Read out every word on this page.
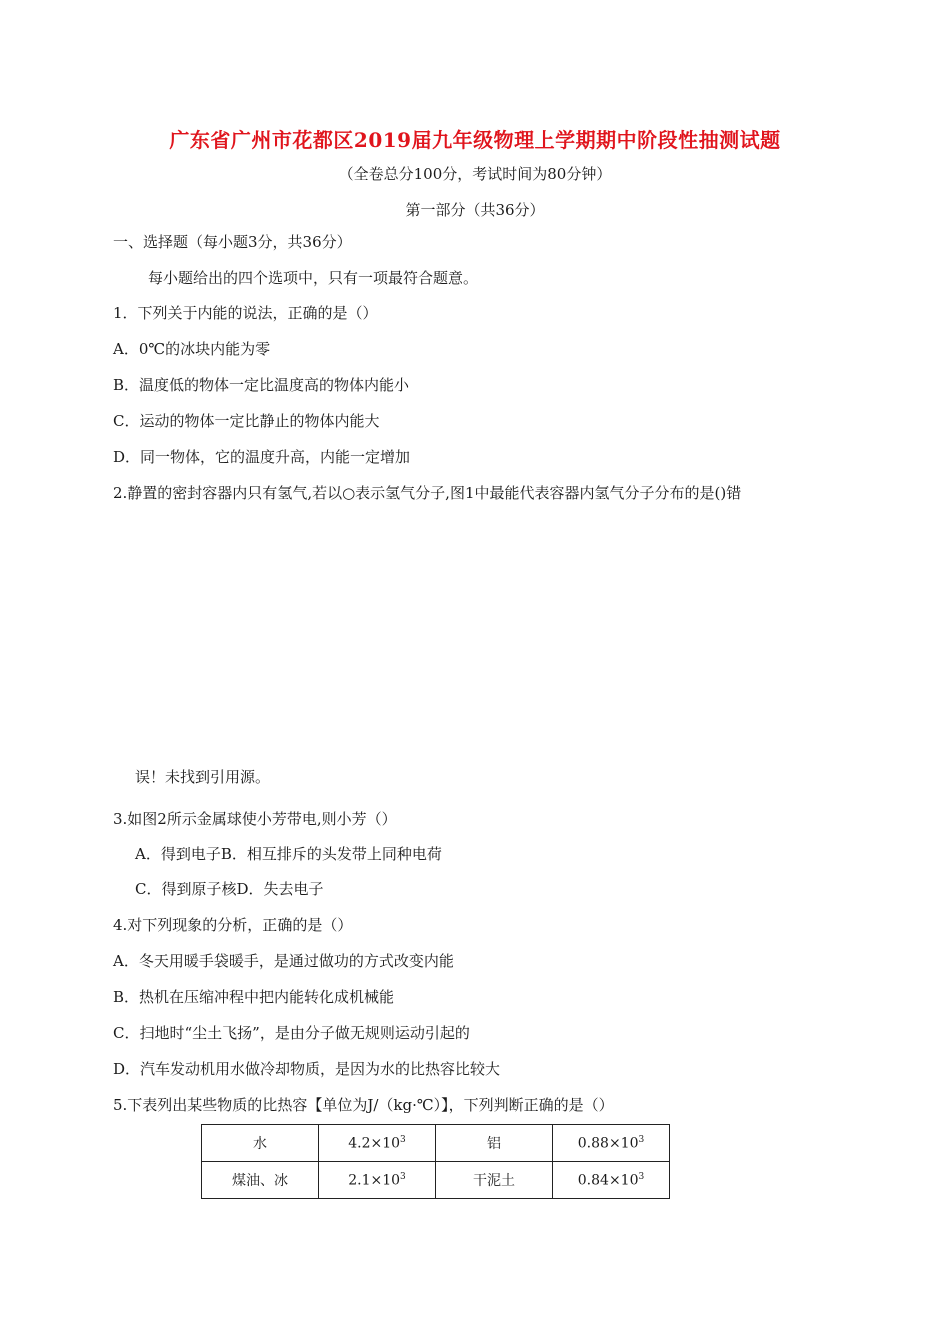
广东省广州市花都区2019届九年级物理上学期期中阶段性抽测试题
（全卷总分100分，考试时间为80分钟）
第一部分（共36分）
一、选择题（每小题3分，共36分）
每小题给出的四个选项中，只有一项最符合题意。
1．下列关于内能的说法，正确的是（）
A．0℃的冰块内能为零
B．温度低的物体一定比温度高的物体内能小
C．运动的物体一定比静止的物体内能大
D．同一物体，它的温度升高，内能一定增加
2.静置的密封容器内只有氢气,若以○表示氢气分子,图1中最能代表容器内氢气分子分布的是()错
误！未找到引用源。
3.如图2所示金属球使小芳带电,则小芳（）
A．得到电子B．相互排斥的头发带上同种电荷
C．得到原子核D．失去电子
4.对下列现象的分析，正确的是（）
A．冬天用暖手袋暖手，是通过做功的方式改变内能
B．热机在压缩冲程中把内能转化成机械能
C．扫地时“尘土飞扬”，是由分子做无规则运动引起的
D．汽车发动机用水做冷却物质，是因为水的比热容比较大
5.下表列出某些物质的比热容【单位为J/（kg·℃）】，下列判断正确的是（）
水	$4.2\times 10^3$	铝	$0.88\times 10^3$
煤油、冰	$2.1\times 10^3$	干泥土	$0.84\times 10^3$
